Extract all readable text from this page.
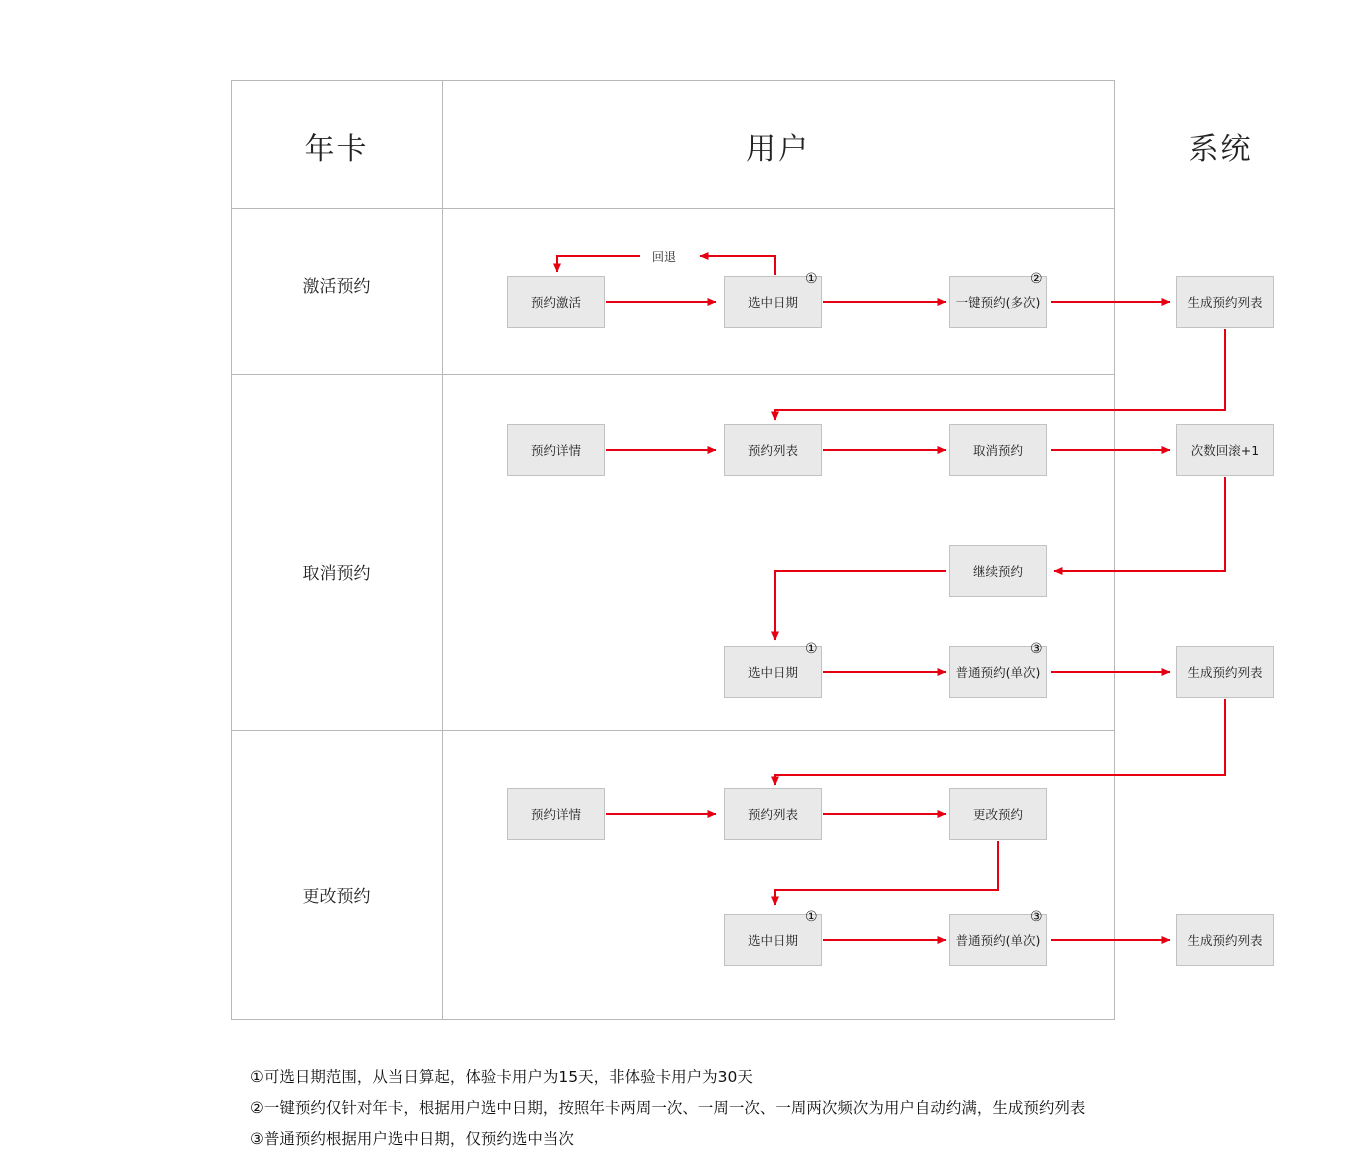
年卡	用户	系统
激活预约
取消预约
更改预约
回退
预约激活	选中日期
①
一键预约(多次)
②
生成预约列表
预约详情	预约列表	取消预约	次数回滚+1
继续预约
选中日期
①
普通预约(单次)
③
生成预约列表
预约详情	预约列表	更改预约
选中日期
①
普通预约(单次)
③
生成预约列表
①可选日期范围，从当日算起，体验卡用户为15天，非体验卡用户为30天
②一键预约仅针对年卡，根据用户选中日期，按照年卡两周一次、一周一次、一周两次频次为用户自动约满，生成预约列表
③普通预约根据用户选中日期，仅预约选中当次
